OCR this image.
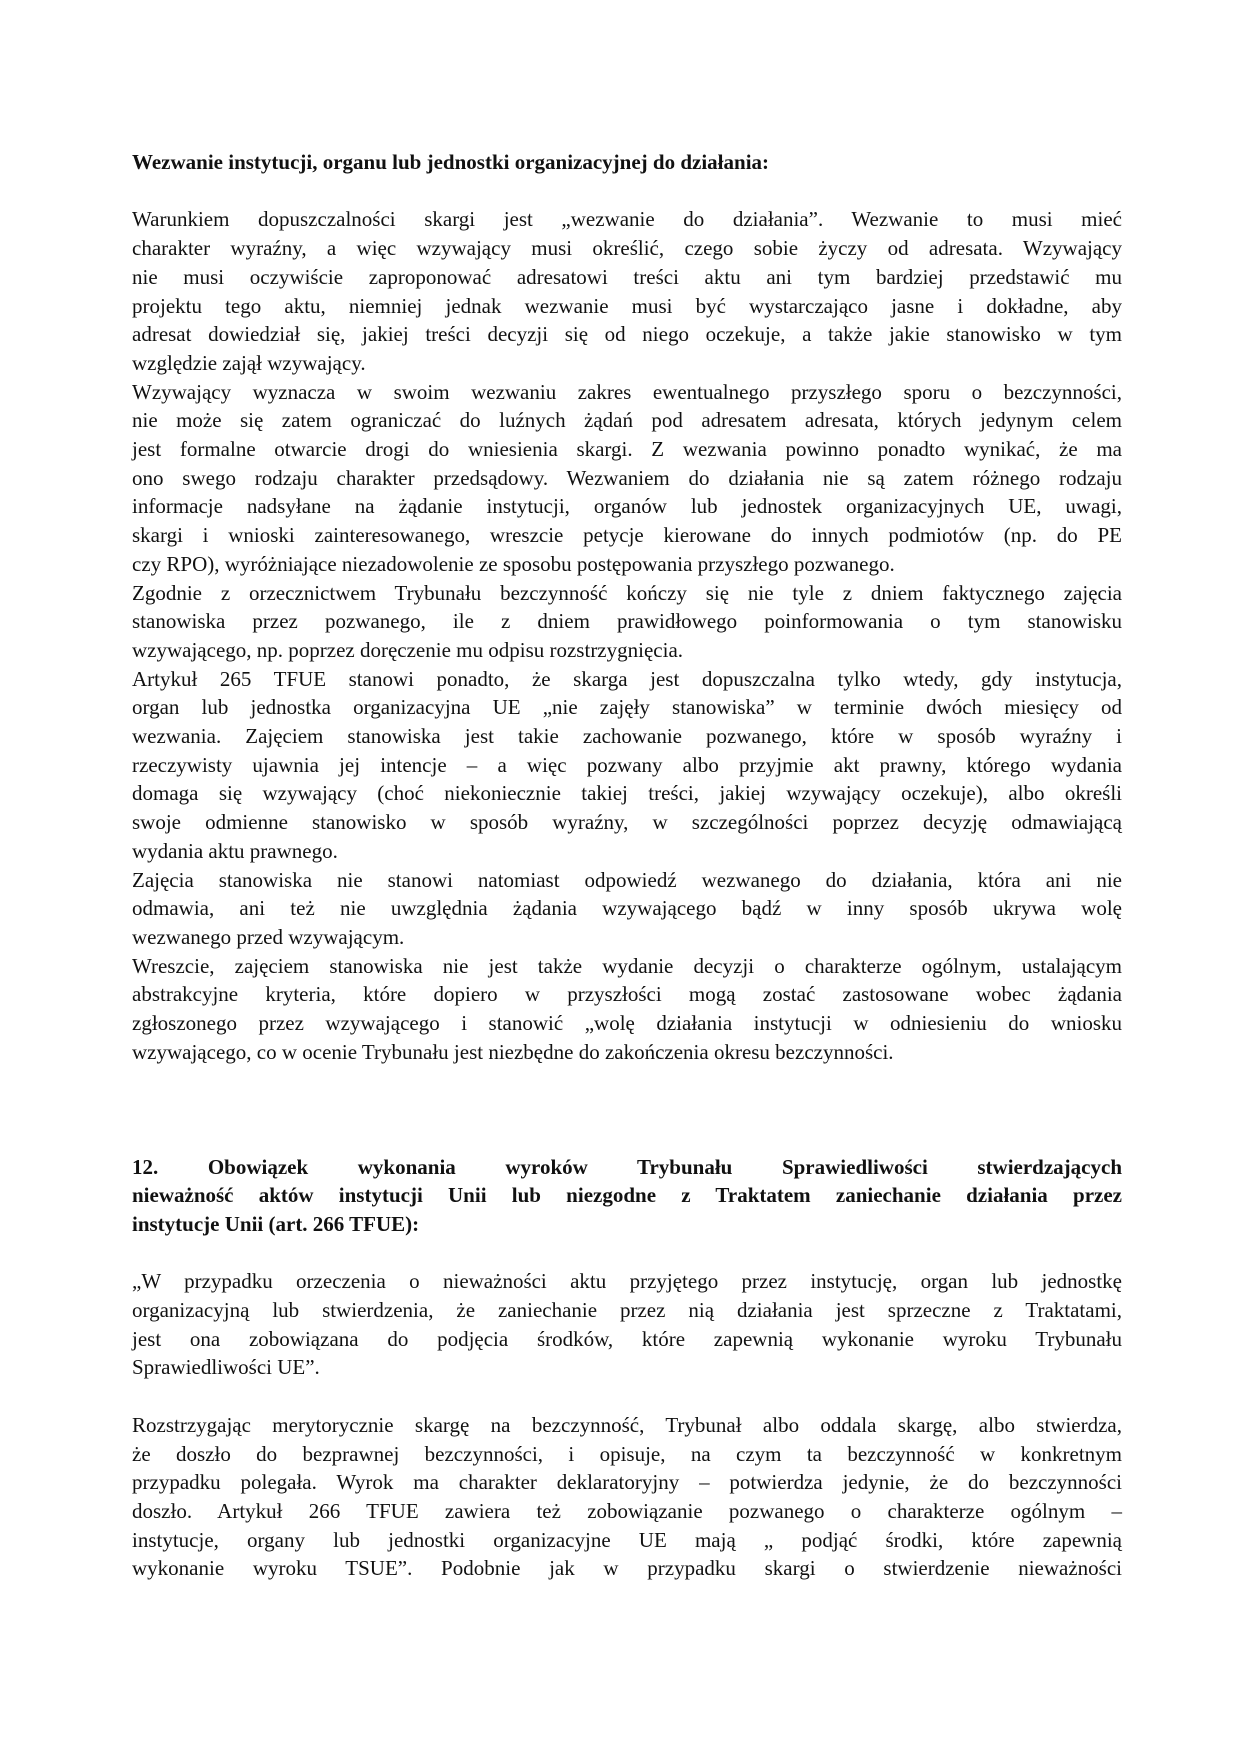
Wezwanie instytucji, organu lub jednostki organizacyjnej do działania:
Warunkiem dopuszczalności skargi jest „wezwanie do działania”. Wezwanie to musi mieć
charakter wyraźny, a więc wzywający musi określić, czego sobie życzy od adresata. Wzywający
nie musi oczywiście zaproponować adresatowi treści aktu ani tym bardziej przedstawić mu
projektu tego aktu, niemniej jednak wezwanie musi być wystarczająco jasne i dokładne, aby
adresat dowiedział się, jakiej treści decyzji się od niego oczekuje, a także jakie stanowisko w tym
względzie zajął wzywający.
Wzywający wyznacza w swoim wezwaniu zakres ewentualnego przyszłego sporu o bezczynności,
nie może się zatem ograniczać do luźnych żądań pod adresatem adresata, których jedynym celem
jest formalne otwarcie drogi do wniesienia skargi. Z wezwania powinno ponadto wynikać, że ma
ono swego rodzaju charakter przedsądowy. Wezwaniem do działania nie są zatem różnego rodzaju
informacje nadsyłane na żądanie instytucji, organów lub jednostek organizacyjnych UE, uwagi,
skargi i wnioski zainteresowanego, wreszcie petycje kierowane do innych podmiotów (np. do PE
czy RPO), wyróżniające niezadowolenie ze sposobu postępowania przyszłego pozwanego.
Zgodnie z orzecznictwem Trybunału bezczynność kończy się nie tyle z dniem faktycznego zajęcia
stanowiska przez pozwanego, ile z dniem prawidłowego poinformowania o tym stanowisku
wzywającego, np. poprzez doręczenie mu odpisu rozstrzygnięcia.
Artykuł 265 TFUE stanowi ponadto, że skarga jest dopuszczalna tylko wtedy, gdy instytucja,
organ lub jednostka organizacyjna UE „nie zajęły stanowiska” w terminie dwóch miesięcy od
wezwania. Zajęciem stanowiska jest takie zachowanie pozwanego, które w sposób wyraźny i
rzeczywisty ujawnia jej intencje – a więc pozwany albo przyjmie akt prawny, którego wydania
domaga się wzywający (choć niekoniecznie takiej treści, jakiej wzywający oczekuje), albo określi
swoje odmienne stanowisko w sposób wyraźny, w szczególności poprzez decyzję odmawiającą
wydania aktu prawnego.
Zajęcia stanowiska nie stanowi natomiast odpowiedź wezwanego do działania, która ani nie
odmawia, ani też nie uwzględnia żądania wzywającego bądź w inny sposób ukrywa wolę
wezwanego przed wzywającym.
Wreszcie, zajęciem stanowiska nie jest także wydanie decyzji o charakterze ogólnym, ustalającym
abstrakcyjne kryteria, które dopiero w przyszłości mogą zostać zastosowane wobec żądania
zgłoszonego przez wzywającego i stanowić „wolę działania instytucji w odniesieniu do wniosku
wzywającego, co w ocenie Trybunału jest niezbędne do zakończenia okresu bezczynności.
12. Obowiązek wykonania wyroków Trybunału Sprawiedliwości stwierdzających
nieważność aktów instytucji Unii lub niezgodne z Traktatem zaniechanie działania przez
instytucje Unii (art. 266 TFUE):
„W przypadku orzeczenia o nieważności aktu przyjętego przez instytucję, organ lub jednostkę
organizacyjną lub stwierdzenia, że zaniechanie przez nią działania jest sprzeczne z Traktatami,
jest ona zobowiązana do podjęcia środków, które zapewnią wykonanie wyroku Trybunału
Sprawiedliwości UE”.
Rozstrzygając merytorycznie skargę na bezczynność, Trybunał albo oddala skargę, albo stwierdza,
że doszło do bezprawnej bezczynności, i opisuje, na czym ta bezczynność w konkretnym
przypadku polegała. Wyrok ma charakter deklaratoryjny – potwierdza jedynie, że do bezczynności
doszło. Artykuł 266 TFUE zawiera też zobowiązanie pozwanego o charakterze ogólnym –
instytucje, organy lub jednostki organizacyjne UE mają „ podjąć środki, które zapewnią
wykonanie wyroku TSUE”. Podobnie jak w przypadku skargi o stwierdzenie nieważności
